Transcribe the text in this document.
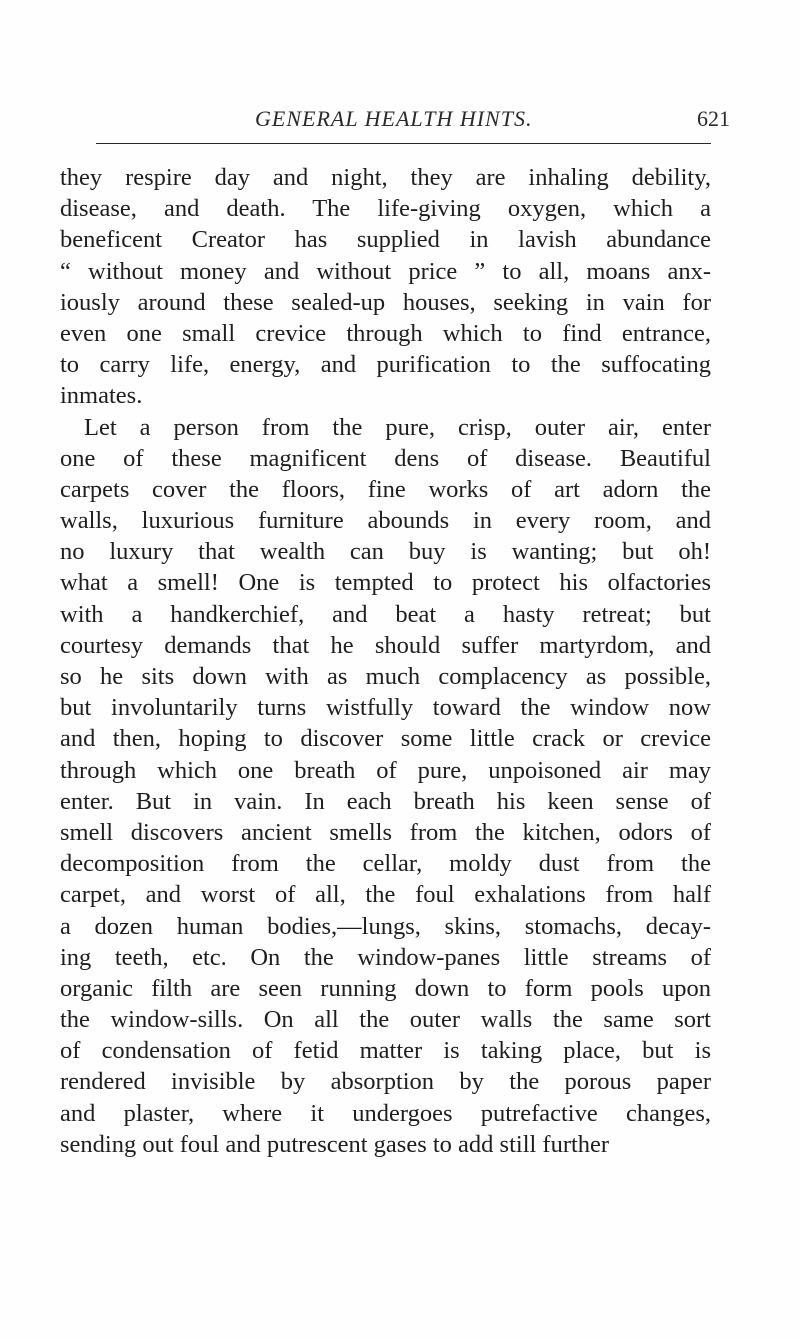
GENERAL HEALTH HINTS.	621
they respire day and night, they are inhaling debility,
disease, and death. The life-giving oxygen, which a
beneficent Creator has supplied in lavish abundance
“ without money and without price ” to all, moans anx-
iously around these sealed-up houses, seeking in vain for
even one small crevice through which to find entrance,
to carry life, energy, and purification to the suffocating
inmates.
Let a person from the pure, crisp, outer air, enter
one of these magnificent dens of disease. Beautiful
carpets cover the floors, fine works of art adorn the
walls, luxurious furniture abounds in every room, and
no luxury that wealth can buy is wanting; but oh!
what a smell! One is tempted to protect his olfactories
with a handkerchief, and beat a hasty retreat; but
courtesy demands that he should suffer martyrdom, and
so he sits down with as much complacency as possible,
but involuntarily turns wistfully toward the window now
and then, hoping to discover some little crack or crevice
through which one breath of pure, unpoisoned air may
enter. But in vain. In each breath his keen sense of
smell discovers ancient smells from the kitchen, odors of
decomposition from the cellar, moldy dust from the
carpet, and worst of all, the foul exhalations from half
a dozen human bodies,—lungs, skins, stomachs, decay-
ing teeth, etc. On the window-panes little streams of
organic filth are seen running down to form pools upon
the window-sills. On all the outer walls the same sort
of condensation of fetid matter is taking place, but is
rendered invisible by absorption by the porous paper
and plaster, where it undergoes putrefactive changes,
sending out foul and putrescent gases to add still further
